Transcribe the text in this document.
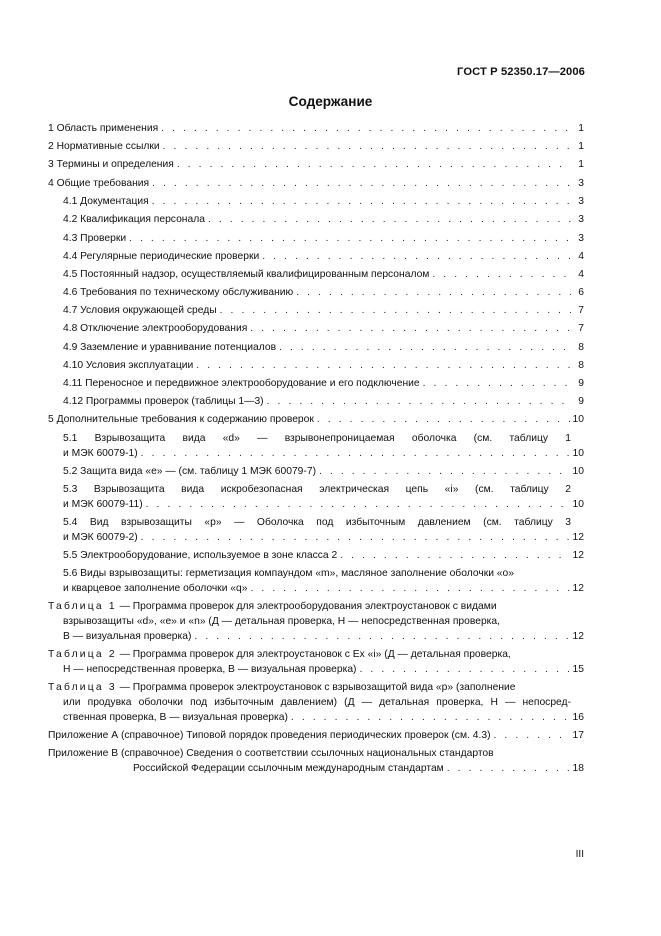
ГОСТ Р 52350.17—2006
Содержание
1 Область применения . . .	1
2 Нормативные ссылки . . .	1
3 Термины и определения . . .	1
4 Общие требования . . .	3
4.1 Документация . . .	3
4.2 Квалификация персонала . . .	3
4.3 Проверки . . .	3
4.4 Регулярные периодические проверки . . .	4
4.5 Постоянный надзор, осуществляемый квалифицированным персоналом . . .	4
4.6 Требования по техническому обслуживанию . . .	6
4.7 Условия окружающей среды . . .	7
4.8 Отключение электрооборудования . . .	7
4.9 Заземление и уравнивание потенциалов . . .	8
4.10 Условия эксплуатации . . .	8
4.11 Переносное и передвижное электрооборудование и его подключение . . .	9
4.12 Программы проверок (таблицы 1—3) . . .	9
5 Дополнительные требования к содержанию проверок . . .	10
5.1 Взрывозащита вида «d» — взрывонепроницаемая оболочка (см. таблицу 1
и МЭК 60079-1) . . .	10
5.2 Защита вида «е» — (см. таблицу 1 МЭК 60079-7) . . .	10
5.3 Взрывозащита вида искробезопасная электрическая цепь «i» (см. таблицу 2
и МЭК 60079-11) . . .	10
5.4 Вид взрывозащиты «р» — Оболочка под избыточным давлением (см. таблицу 3
и МЭК 60079-2) . . .	12
5.5 Электрооборудование, используемое в зоне класса 2 . . .	12
5.6 Виды взрывозащиты: герметизация компаундом «m», масляное заполнение оболочки «о»
и кварцевое заполнение оболочки «q» . . .	12
Таблица 1 — Программа проверок для электрооборудования электроустановок с видами
взрывозащиты «d», «е» и «n» (Д — детальная проверка, Н — непосредственная проверка,
В — визуальная проверка) . . .	12
Таблица 2 — Программа проверок для электроустановок с Ех «i» (Д — детальная проверка,
Н — непосредственная проверка, В — визуальная проверка) . . .	15
Таблица 3 — Программа проверок электроустановок с взрывозащитой вида «р» (заполнение
или продувка оболочки под избыточным давлением) (Д — детальная проверка, Н — непосред-
ственная проверка, В — визуальная проверка) . . .	16
Приложение А (справочное) Типовой порядок проведения периодических проверок (см. 4.3) . . .	17
Приложение В (справочное) Сведения о соответствии ссылочных национальных стандартов
Российской Федерации ссылочным международным стандартам . . .	18
III
